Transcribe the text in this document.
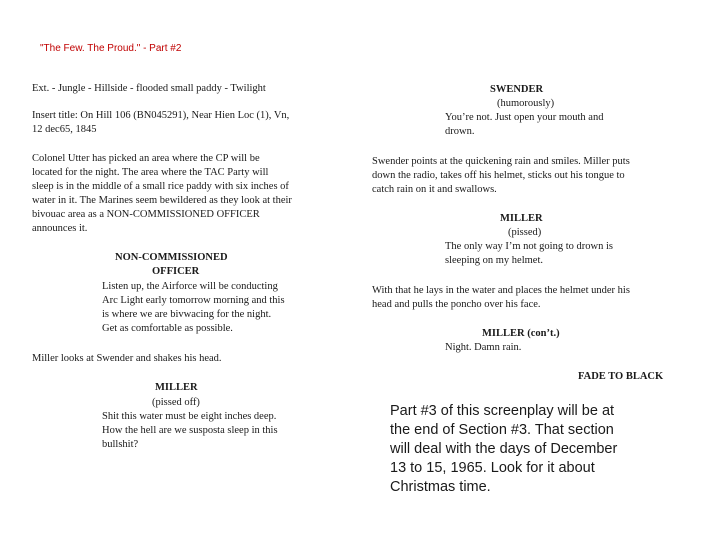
"The Few. The Proud." - Part #2
Ext. - Jungle - Hillside - flooded small paddy - Twilight
Insert title: On Hill 106 (BN045291), Near Hien Loc (1), Vn,
12 dec65, 1845
Colonel Utter has picked an area where the CP will be
located for the night. The area where the TAC Party will
sleep is in the middle of a small rice paddy with six inches of
water in it. The Marines seem bewildered as they look at their
bivouac area as a NON-COMMISSIONED OFFICER
announces it.
NON-COMMISSIONED
OFFICER
Listen up, the Airforce will be conducting
Arc Light early tomorrow morning and this
is where we are bivwacing for the night.
Get as comfortable as possible.
Miller looks at Swender and shakes his head.
MILLER
(pissed off)
Shit this water must be eight inches deep.
How the hell are we susposta sleep in this
bullshit?
SWENDER
(humorously)
You’re not. Just open your mouth and
drown.
Swender points at the quickening rain and smiles. Miller puts
down the radio, takes off his helmet, sticks out his tongue to
catch rain on it and swallows.
MILLER
(pissed)
The only way I’m not going to drown is
sleeping on my helmet.
With that he lays in the water and places the helmet under his
head and pulls the poncho over his face.
MILLER (con’t.)
Night. Damn rain.
FADE TO BLACK
Part #3 of this screenplay will be at
the end of Section #3. That section
will deal with the days of December
13 to 15, 1965. Look for it about
Christmas time.
